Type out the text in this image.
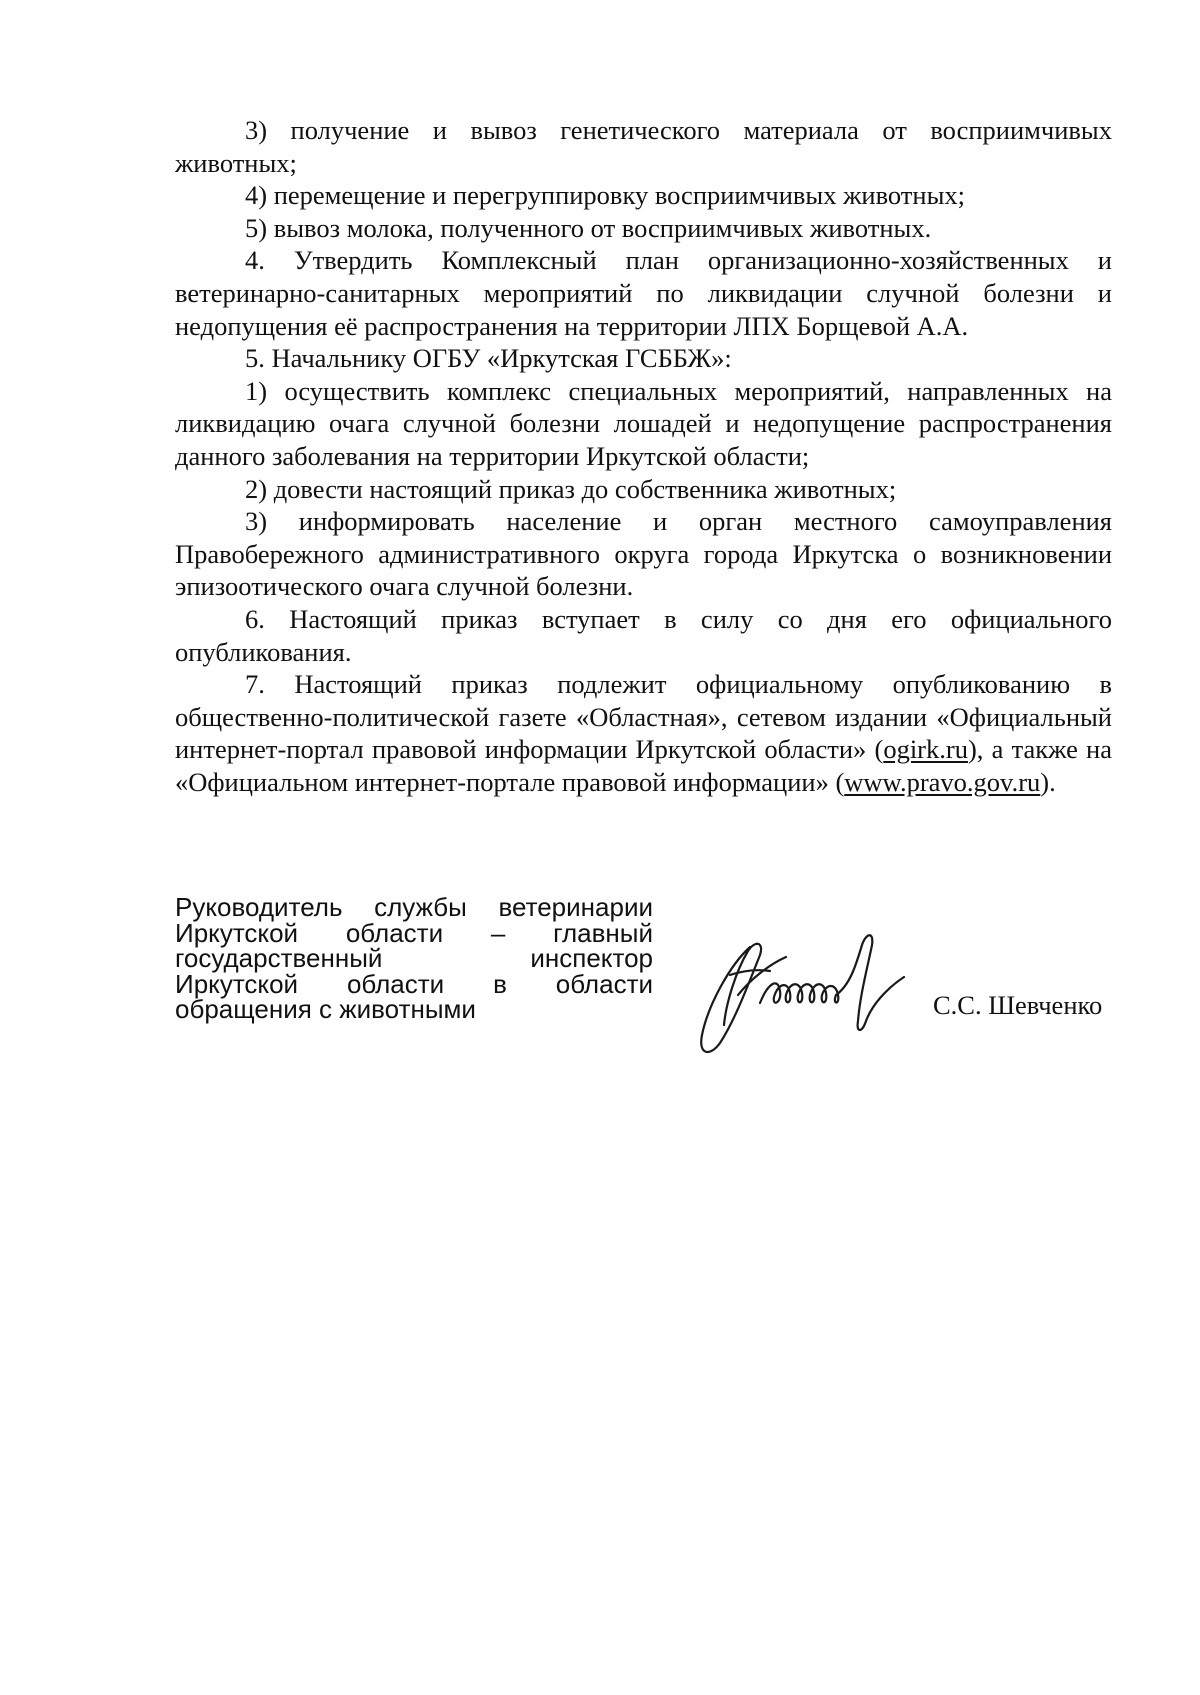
3) получение и вывоз генетического материала от восприимчивых животных;

4) перемещение и перегруппировку восприимчивых животных;

5) вывоз молока, полученного от восприимчивых животных.

4. Утвердить Комплексный план организационно-хозяйственных и ветеринарно-санитарных мероприятий по ликвидации случной болезни и недопущения её распространения на территории ЛПХ Борщевой А.А.

5. Начальнику ОГБУ «Иркутская ГСББЖ»:

1) осуществить комплекс специальных мероприятий, направленных на ликвидацию очага случной болезни лошадей и недопущение распространения данного заболевания на территории Иркутской области;

2) довести настоящий приказ до собственника животных;

3) информировать население и орган местного самоуправления Правобережного административного округа города Иркутска о возникновении эпизоотического очага случной болезни.

6. Настоящий приказ вступает в силу со дня его официального опубликования.

7. Настоящий приказ подлежит официальному опубликованию в общественно-политической газете «Областная», сетевом издании «Официальный интернет-портал правовой информации Иркутской области» (ogirk.ru), а также на «Официальном интернет-портале правовой информации» (www.pravo.gov.ru).

Руководитель службы ветеринарии
Иркутской области – главный
государственный инспектор
Иркутской области в области
обращения с животными	С.С. Шевченко
